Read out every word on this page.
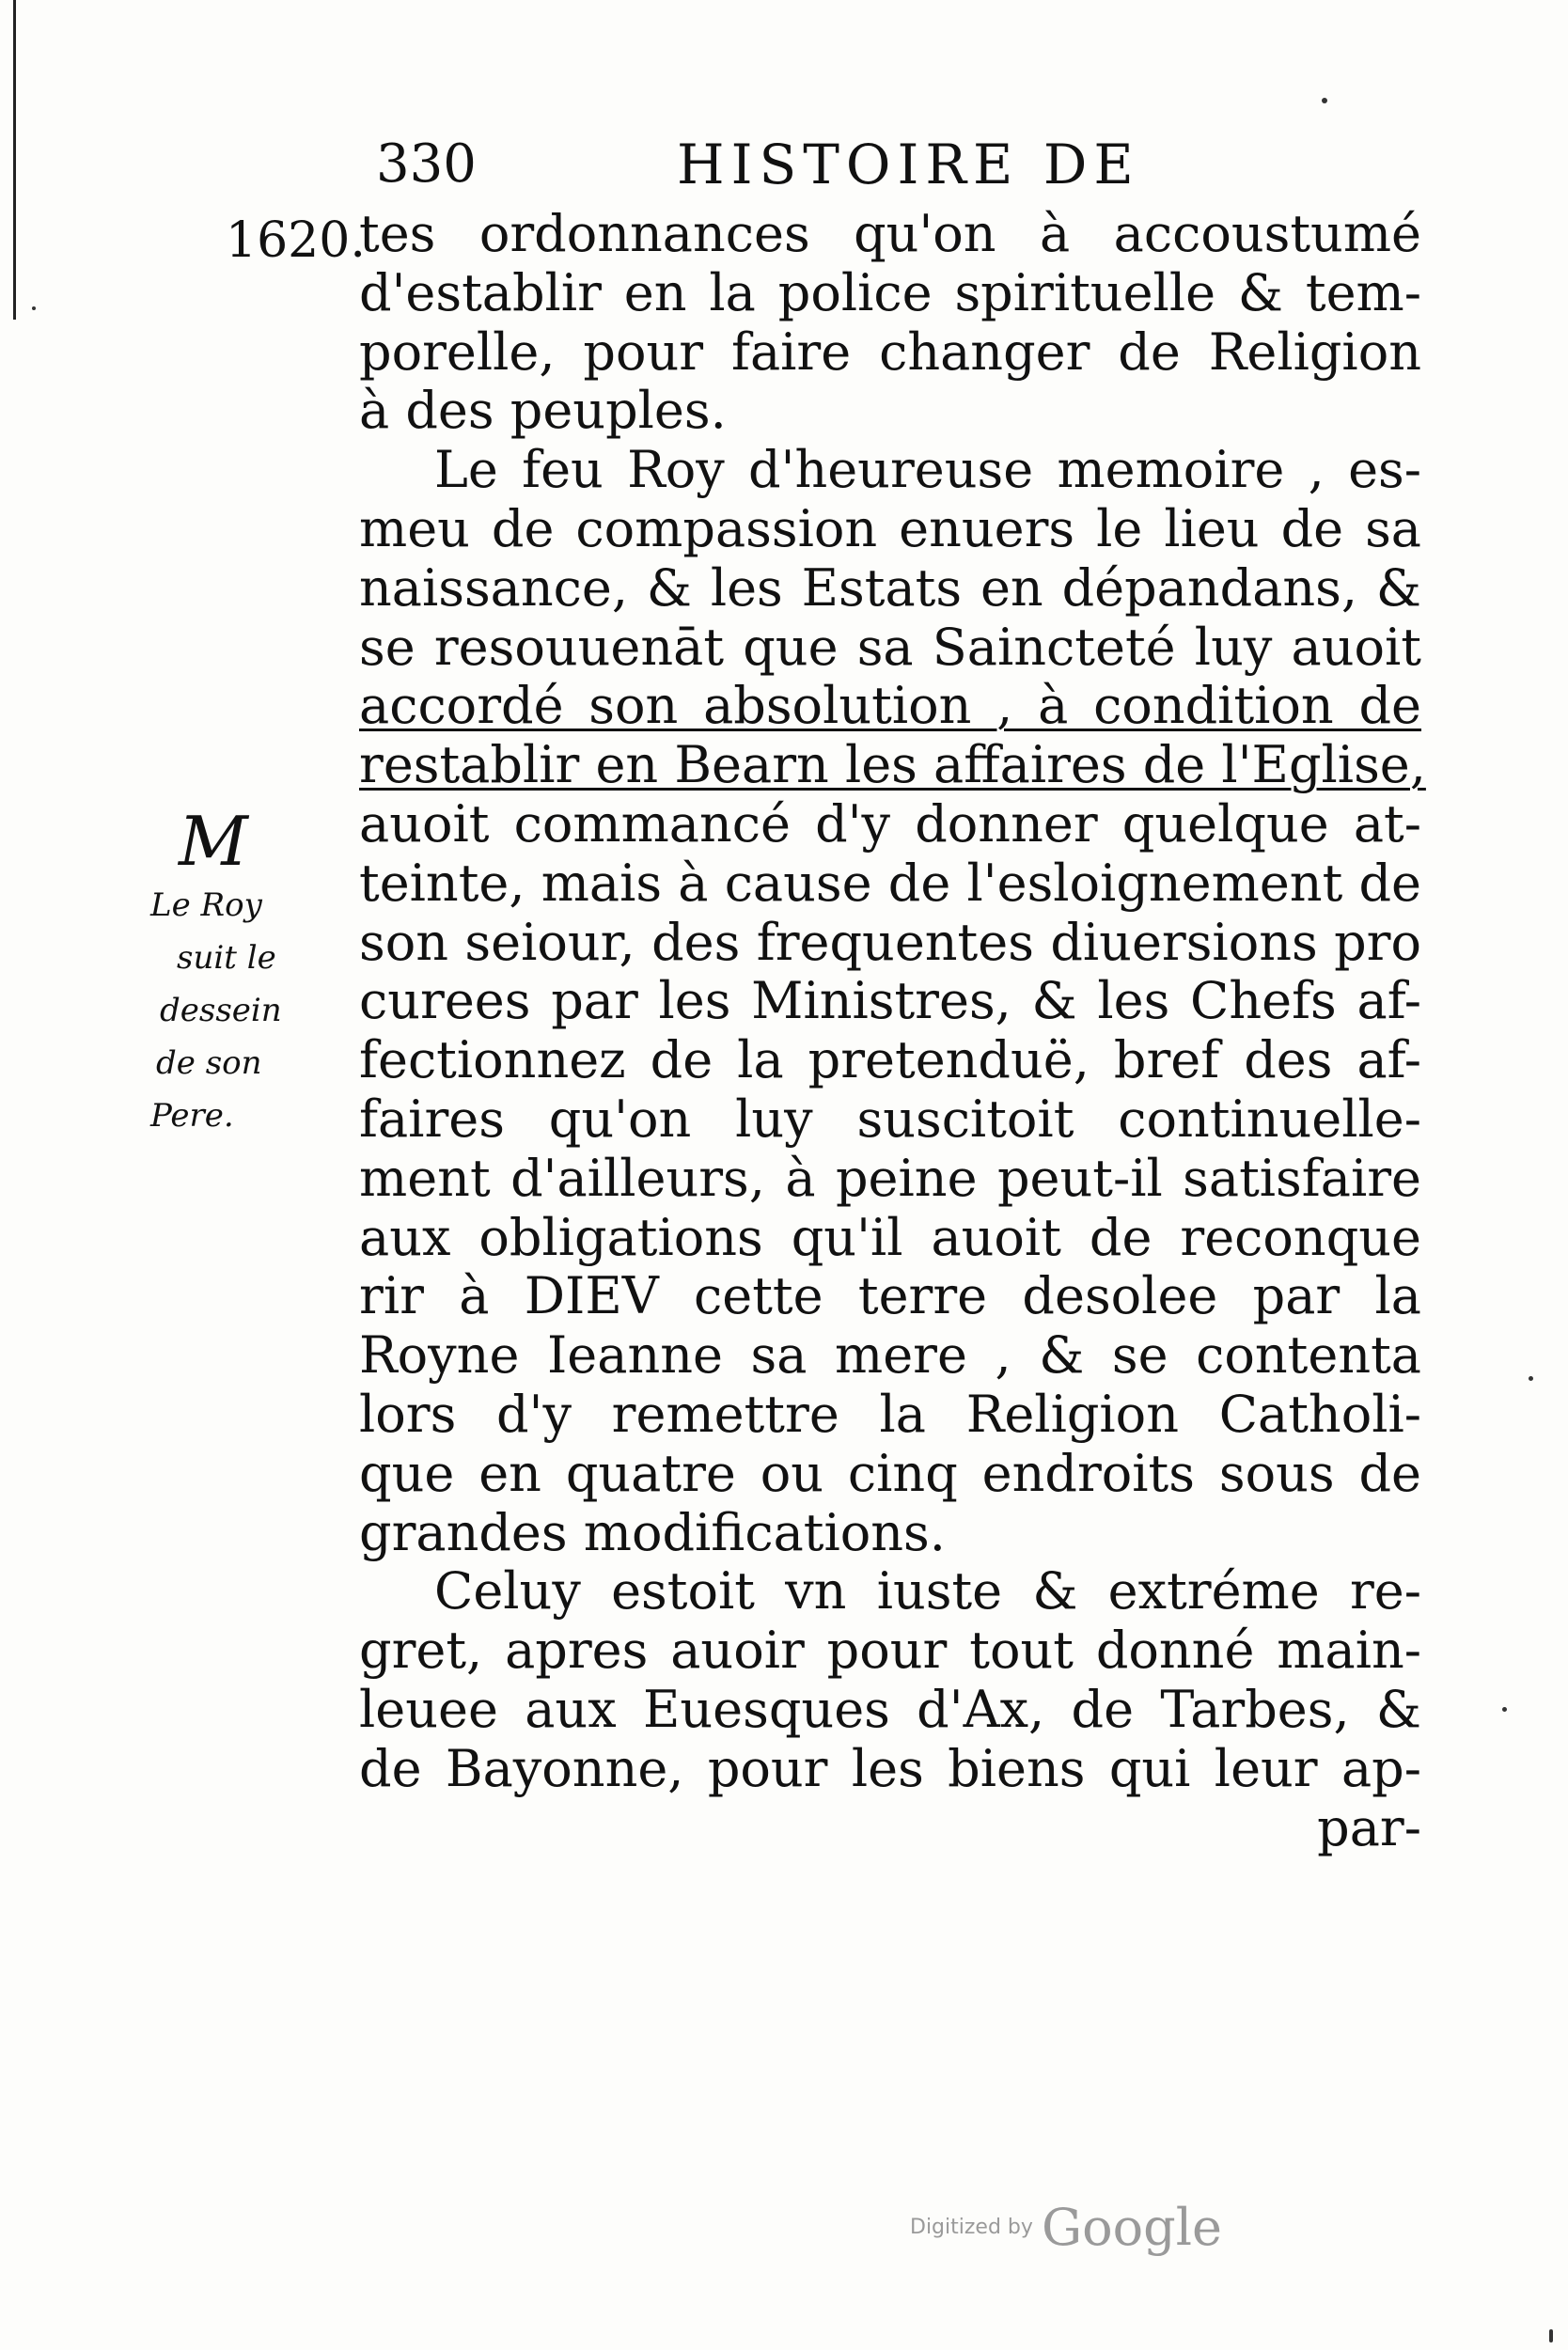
330	HISTOIRE DE
1620.
M
Le Roy
suit le
dessein
de son
Pere.
tes ordonnances qu'on à accoustumé
d'establir en la police spirituelle & tem-
porelle, pour faire changer de Religion
à des peuples.
Le feu Roy d'heureuse memoire , es-
meu de compassion enuers le lieu de sa
naissance, & les Estats en dépandans, &
se resouuenāt que sa Saincteté luy auoit
accordé son absolution , à condition de
restablir en Bearn les affaires de l'Eglise,
auoit commancé d'y donner quelque at-
teinte, mais à cause de l'esloignement de
son seiour, des frequentes diuersions pro
curees par les Ministres, & les Chefs af-
fectionnez de la pretenduë, bref des af-
faires qu'on luy suscitoit continuelle-
ment d'ailleurs, à peine peut-il satisfaire
aux obligations qu'il auoit de reconque
rir à DIEV cette terre desolee par la
Royne Ieanne sa mere , & se contenta
lors d'y remettre la Religion Catholi-
que en quatre ou cinq endroits sous de
grandes modifications.
Celuy estoit vn iuste & extréme re-
gret, apres auoir pour tout donné main-
leuee aux Euesques d'Ax, de Tarbes, &
de Bayonne, pour les biens qui leur ap-
par-
Digitized by Google
